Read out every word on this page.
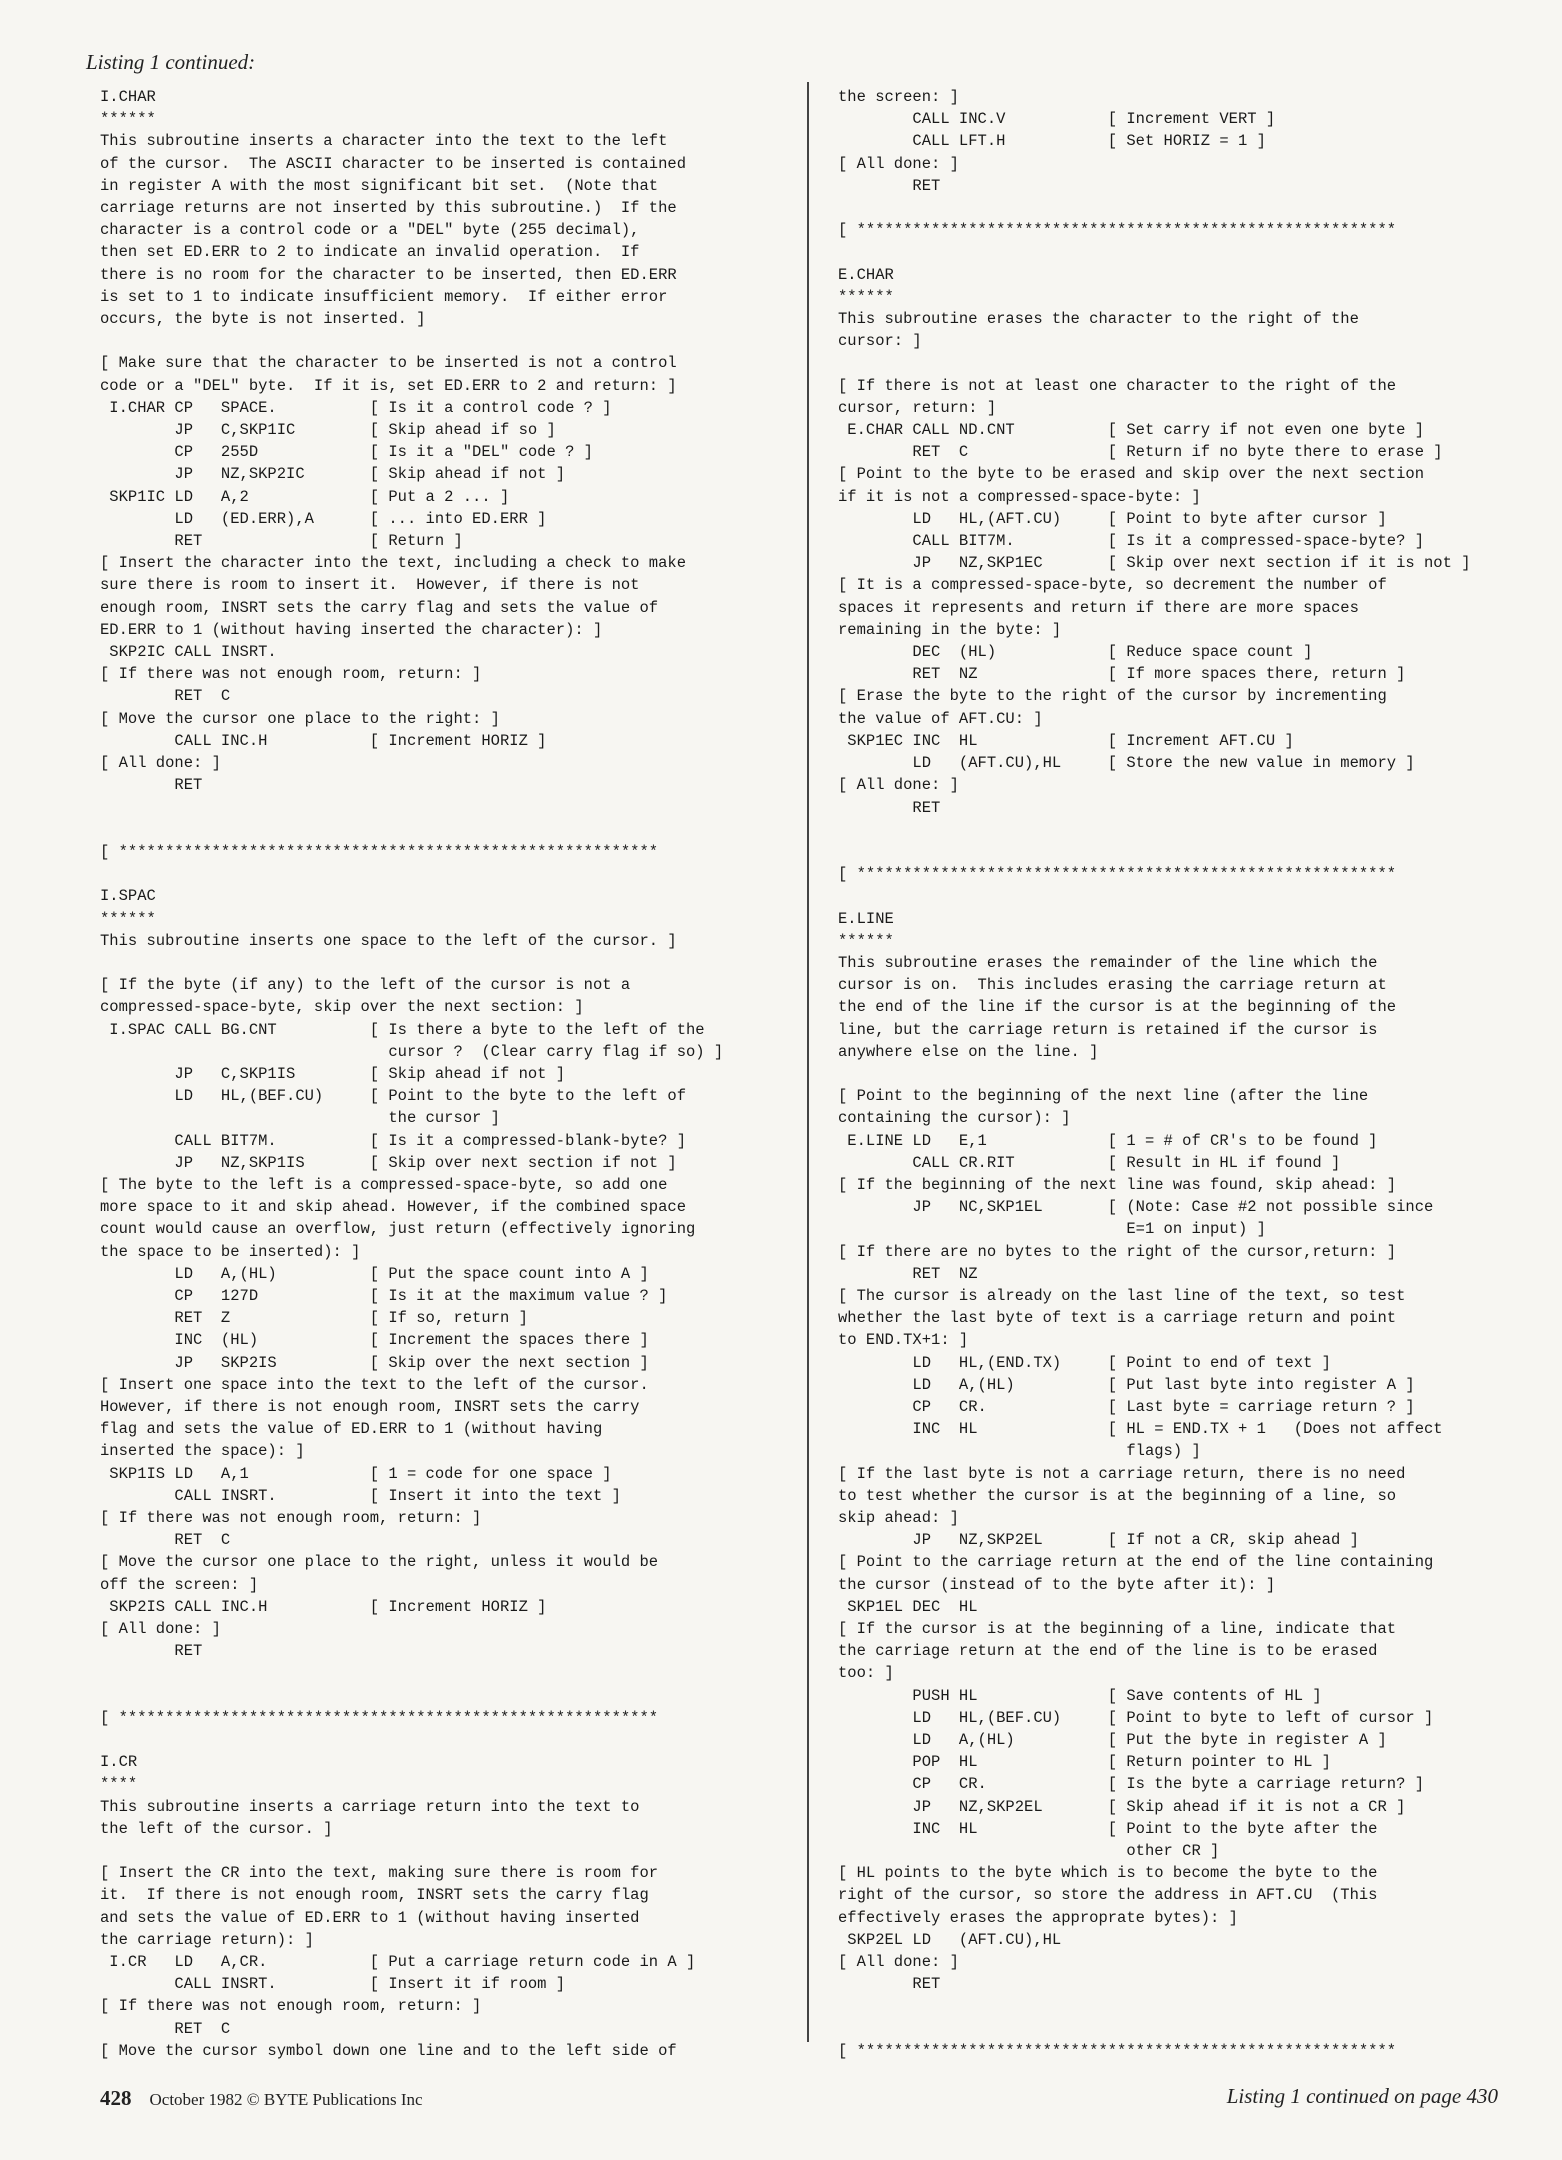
Listing 1 continued:
I.CHAR
******
This subroutine inserts a character into the text to the left
of the cursor.  The ASCII character to be inserted is contained
in register A with the most significant bit set.  (Note that
carriage returns are not inserted by this subroutine.)  If the
character is a control code or a "DEL" byte (255 decimal),
then set ED.ERR to 2 to indicate an invalid operation.  If
there is no room for the character to be inserted, then ED.ERR
is set to 1 to indicate insufficient memory.  If either error
occurs, the byte is not inserted. ]

[ Make sure that the character to be inserted is not a control
code or a "DEL" byte.  If it is, set ED.ERR to 2 and return: ]
I.CHAR CP   SPACE.          [ Is it a control code ? ]
JP   C,SKP1IC        [ Skip ahead if so ]
CP   255D            [ Is it a "DEL" code ? ]
JP   NZ,SKP2IC       [ Skip ahead if not ]
SKP1IC LD   A,2             [ Put a 2 ... ]
LD   (ED.ERR),A      [ ... into ED.ERR ]
RET                  [ Return ]
[ Insert the character into the text, including a check to make
sure there is room to insert it.  However, if there is not
enough room, INSRT sets the carry flag and sets the value of
ED.ERR to 1 (without having inserted the character): ]
SKP2IC CALL INSRT.
[ If there was not enough room, return: ]
RET  C
[ Move the cursor one place to the right: ]
CALL INC.H           [ Increment HORIZ ]
[ All done: ]
RET

[ **********************************************************

I.SPAC
******
This subroutine inserts one space to the left of the cursor. ]

[ If the byte (if any) to the left of the cursor is not a
compressed-space-byte, skip over the next section: ]
I.SPAC CALL BG.CNT          [ Is there a byte to the left of the
cursor ?  (Clear carry flag if so) ]
JP   C,SKP1IS        [ Skip ahead if not ]
LD   HL,(BEF.CU)     [ Point to the byte to the left of
the cursor ]
CALL BIT7M.          [ Is it a compressed-blank-byte? ]
JP   NZ,SKP1IS       [ Skip over next section if not ]
[ The byte to the left is a compressed-space-byte, so add one
more space to it and skip ahead. However, if the combined space
count would cause an overflow, just return (effectively ignoring
the space to be inserted): ]
LD   A,(HL)          [ Put the space count into A ]
CP   127D            [ Is it at the maximum value ? ]
RET  Z               [ If so, return ]
INC  (HL)            [ Increment the spaces there ]
JP   SKP2IS          [ Skip over the next section ]
[ Insert one space into the text to the left of the cursor.
However, if there is not enough room, INSRT sets the carry
flag and sets the value of ED.ERR to 1 (without having
inserted the space): ]
SKP1IS LD   A,1             [ 1 = code for one space ]
CALL INSRT.          [ Insert it into the text ]
[ If there was not enough room, return: ]
RET  C
[ Move the cursor one place to the right, unless it would be
off the screen: ]
SKP2IS CALL INC.H           [ Increment HORIZ ]
[ All done: ]
RET

[ **********************************************************

I.CR
****
This subroutine inserts a carriage return into the text to
the left of the cursor. ]

[ Insert the CR into the text, making sure there is room for
it.  If there is not enough room, INSRT sets the carry flag
and sets the value of ED.ERR to 1 (without having inserted
the carriage return): ]
I.CR   LD   A,CR.           [ Put a carriage return code in A ]
CALL INSRT.          [ Insert it if room ]
[ If there was not enough room, return: ]
RET  C
[ Move the cursor symbol down one line and to the left side of
the screen: ]
CALL INC.V           [ Increment VERT ]
CALL LFT.H           [ Set HORIZ = 1 ]
[ All done: ]
RET

[ **********************************************************

E.CHAR
******
This subroutine erases the character to the right of the
cursor: ]

[ If there is not at least one character to the right of the
cursor, return: ]
E.CHAR CALL ND.CNT          [ Set carry if not even one byte ]
RET  C               [ Return if no byte there to erase ]
[ Point to the byte to be erased and skip over the next section
if it is not a compressed-space-byte: ]
LD   HL,(AFT.CU)     [ Point to byte after cursor ]
CALL BIT7M.          [ Is it a compressed-space-byte? ]
JP   NZ,SKP1EC       [ Skip over next section if it is not ]
[ It is a compressed-space-byte, so decrement the number of
spaces it represents and return if there are more spaces
remaining in the byte: ]
DEC  (HL)            [ Reduce space count ]
RET  NZ              [ If more spaces there, return ]
[ Erase the byte to the right of the cursor by incrementing
the value of AFT.CU: ]
SKP1EC INC  HL              [ Increment AFT.CU ]
LD   (AFT.CU),HL     [ Store the new value in memory ]
[ All done: ]
RET

[ **********************************************************

E.LINE
******
This subroutine erases the remainder of the line which the
cursor is on.  This includes erasing the carriage return at
the end of the line if the cursor is at the beginning of the
line, but the carriage return is retained if the cursor is
anywhere else on the line. ]

[ Point to the beginning of the next line (after the line
containing the cursor): ]
E.LINE LD   E,1             [ 1 = # of CR's to be found ]
CALL CR.RIT          [ Result in HL if found ]
[ If the beginning of the next line was found, skip ahead: ]
JP   NC,SKP1EL       [ (Note: Case #2 not possible since
E=1 on input) ]
[ If there are no bytes to the right of the cursor,return: ]
RET  NZ
[ The cursor is already on the last line of the text, so test
whether the last byte of text is a carriage return and point
to END.TX+1: ]
LD   HL,(END.TX)     [ Point to end of text ]
LD   A,(HL)          [ Put last byte into register A ]
CP   CR.             [ Last byte = carriage return ? ]
INC  HL              [ HL = END.TX + 1   (Does not affect
flags) ]
[ If the last byte is not a carriage return, there is no need
to test whether the cursor is at the beginning of a line, so
skip ahead: ]
JP   NZ,SKP2EL       [ If not a CR, skip ahead ]
[ Point to the carriage return at the end of the line containing
the cursor (instead of to the byte after it): ]
SKP1EL DEC  HL
[ If the cursor is at the beginning of a line, indicate that
the carriage return at the end of the line is to be erased
too: ]
PUSH HL              [ Save contents of HL ]
LD   HL,(BEF.CU)     [ Point to byte to left of cursor ]
LD   A,(HL)          [ Put the byte in register A ]
POP  HL              [ Return pointer to HL ]
CP   CR.             [ Is the byte a carriage return? ]
JP   NZ,SKP2EL       [ Skip ahead if it is not a CR ]
INC  HL              [ Point to the byte after the
other CR ]
[ HL points to the byte which is to become the byte to the
right of the cursor, so store the address in AFT.CU  (This
effectively erases the approprate bytes): ]
SKP2EL LD   (AFT.CU),HL
[ All done: ]
RET

[ **********************************************************
428 October 1982 © BYTE Publications Inc	Listing 1 continued on page 430
